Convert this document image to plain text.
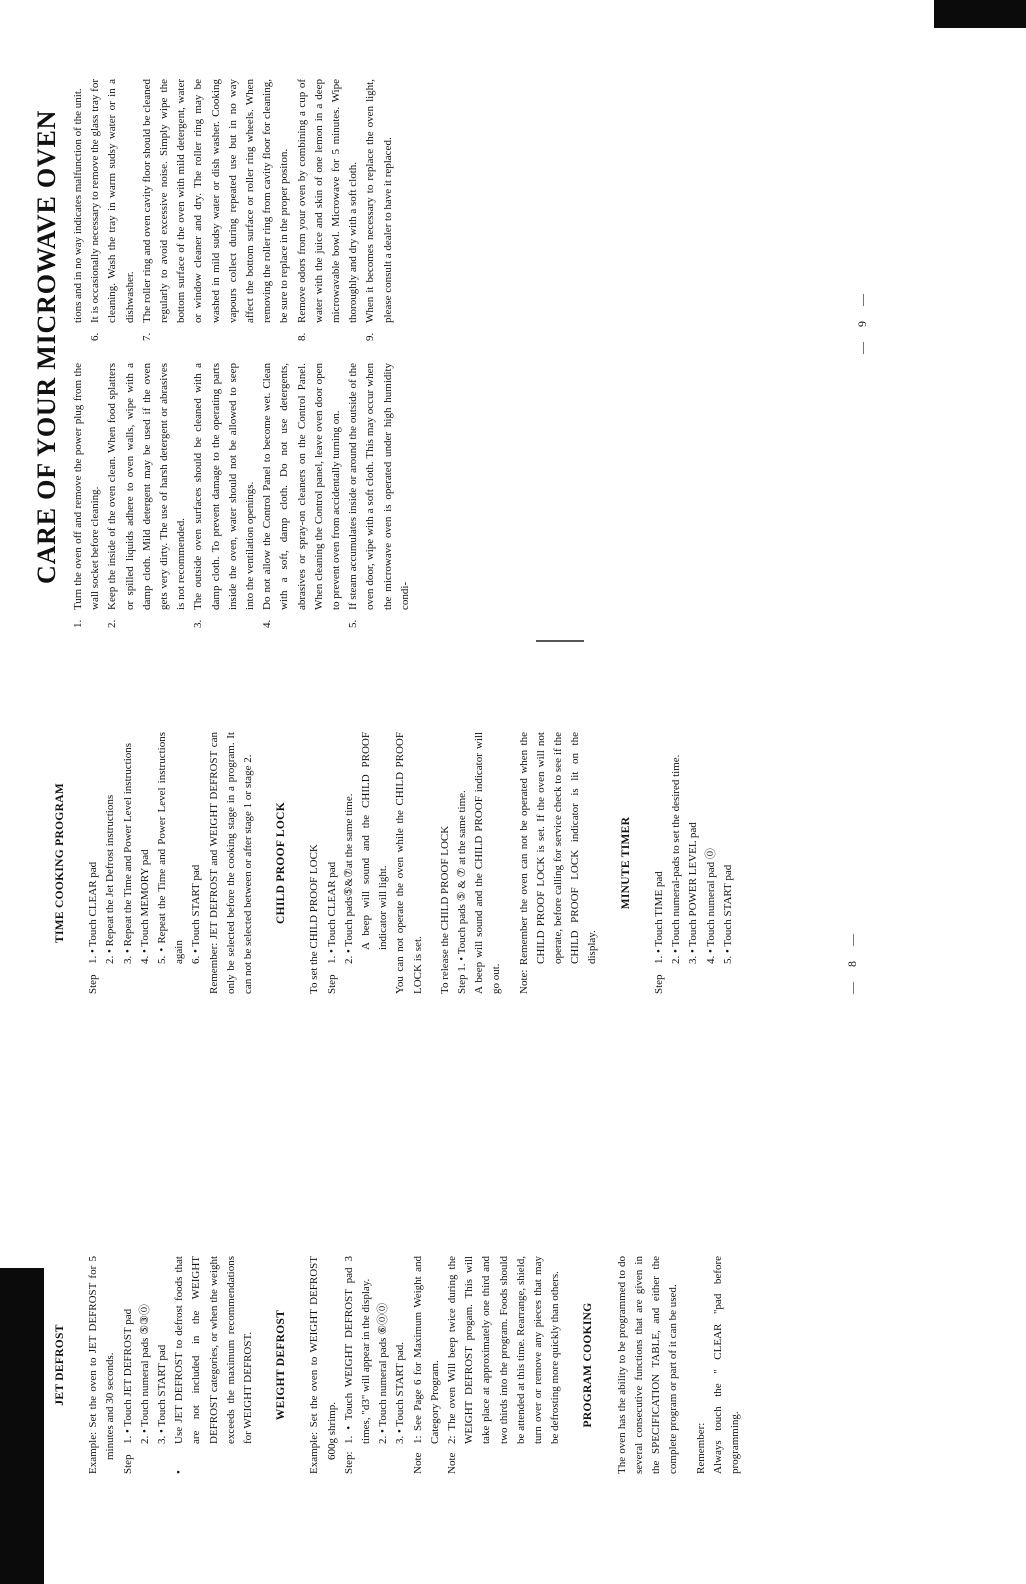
JET DEFROST Example: Set the oven to JET DEFROST for 5 minutes and 30 seconds.

Step
1. • Touch JET DEFROST pad 2. • Touch numeral pads ⑤③⓪ 3. • Touch START pad

•
Use JET DEFROST to defrost foods that are not included in the WEIGHT DEFROST categories, or when the weight exceeds the maximum recommendations for WEIGHT DEFROST. WEIGHT DEFROST Example: Set the oven to WEIGHT DEFROST 600g shrimp.

Step:
1. • Touch WEIGHT DEFROST pad 3 times, "d3" will appear in the display. 2. • Touch numeral pads ⑥⓪⓪ 3. • Touch START pad.

Note
1: See Page 6 for Maximum Weight and Category Program.
Note
2: The oven Will beep twice during the WEIGHT DEFROST progam. This will take place at approximately one third and two thirds into the program. Foods should be attended at this time. Rearrange, shield, turn over or remove any pieces that may be defrosting more quickly than others. PROGRAM COOKING The oven has the ability to be programmed to do several consecutive functions that are given in the SPECIFICATION TABLE, and either the complete program or part of it can be used. Remember: Always touch the " CLEAR "pad before programming.

TIME COOKING PROGRAM
Step
1. • Touch CLEAR pad 2. • Repeat the Jet Defrost instructions 3. • Repeat the Time and Power Level instructions 4. • Touch MEMORY pad 5. • Repeat the Time and Power Level instructions again 6. • Touch START pad Remember: JET DEFROST and WEIGHT DEFROST can only be selected before the cooking stage in a program. It can not be selected between or after stage 1 or stage 2. CHILD PROOF LOCK To set the CHILD PROOF LOCK Step
1. • Touch CLEAR pad 2. • Touch pads⑤&⑦at the same time. A beep will sound and the CHILD PROOF indicator will light. You can not operate the oven while the CHILD PROOF LOCK is set. To release the CHILD PROOF LOCK Step 1. • Touch pads ⑤ & ⑦ at the same time. A beep will sound and the CHILD PROOF indicator will go out. Note: Remember the oven can not be operated when the CHILD PROOF LOCK is set. If the oven will not operate, before calling for service check to see if the CHILD PROOF LOCK indicator is lit on the display.

MINUTE TIMER
Step
1. • Touch TIME pad 2. • Touch numeral-pads to set the desired time. 3. • Touch POWER LEVEL pad 4. • Touch numeral pad ⓪ 5. • Touch START pad	— 8 —
CARE OF YOUR MICROWAVE OVEN
1.
Turn the oven off and remove the power plug from the wall socket before cleaning.
2.
Keep the inside of the oven clean. When food splatters or spilled liquids adhere to oven walls, wipe with a damp cloth. Mild detergent may be used if the oven gets very dirty. The use of harsh detergent or abrasives is not recommended.
3.
The outside oven surfaces should be cleaned with a damp cloth. To prevent damage to the operating parts inside the oven, water should not be allowed to seep into the ventilation openings.
4.
Do not allow the Control Panel to become wet. Clean with a soft, damp cloth. Do not use detergents, abrasives or spray-on cleaners on the Control Panel. When cleaning the Control panel, leave oven door open to prevent oven from accidentally turning on.
5.
If steam accumulates inside or around the outside of the oven door, wipe with a soft cloth. This may occur when the microwave oven is operated under high humidity condi-

tions and in no way indicates malfunction of the unit.

6.
It is occasionally necessary to remove the glass tray for cleaning. Wash the tray in warm sudsy water or in a dishwasher.
7.
The roller ring and oven cavity floor should be cleaned regularly to avoid excessive noise. Simply wipe the bottom surface of the oven with mild detergent, water or window cleaner and dry. The roller ring may be washed in mild sudsy water or dish washer. Cooking vapours collect during repeated use but in no way affect the bottom surface or roller ring wheels. When removing the roller ring from cavity floor for cleaning, be sure to replace in the proper positon.
8.
Remove odors from your oven by combining a cup of water with the juice and skin of one lemon in a deep microwavable bowl. Microwave for 5 minutes. Wipe thoroughly and dry with a soft cloth.
9.
When it becomes necessary to replace the oven light, please consult a dealer to have it replaced.	— 9 —
